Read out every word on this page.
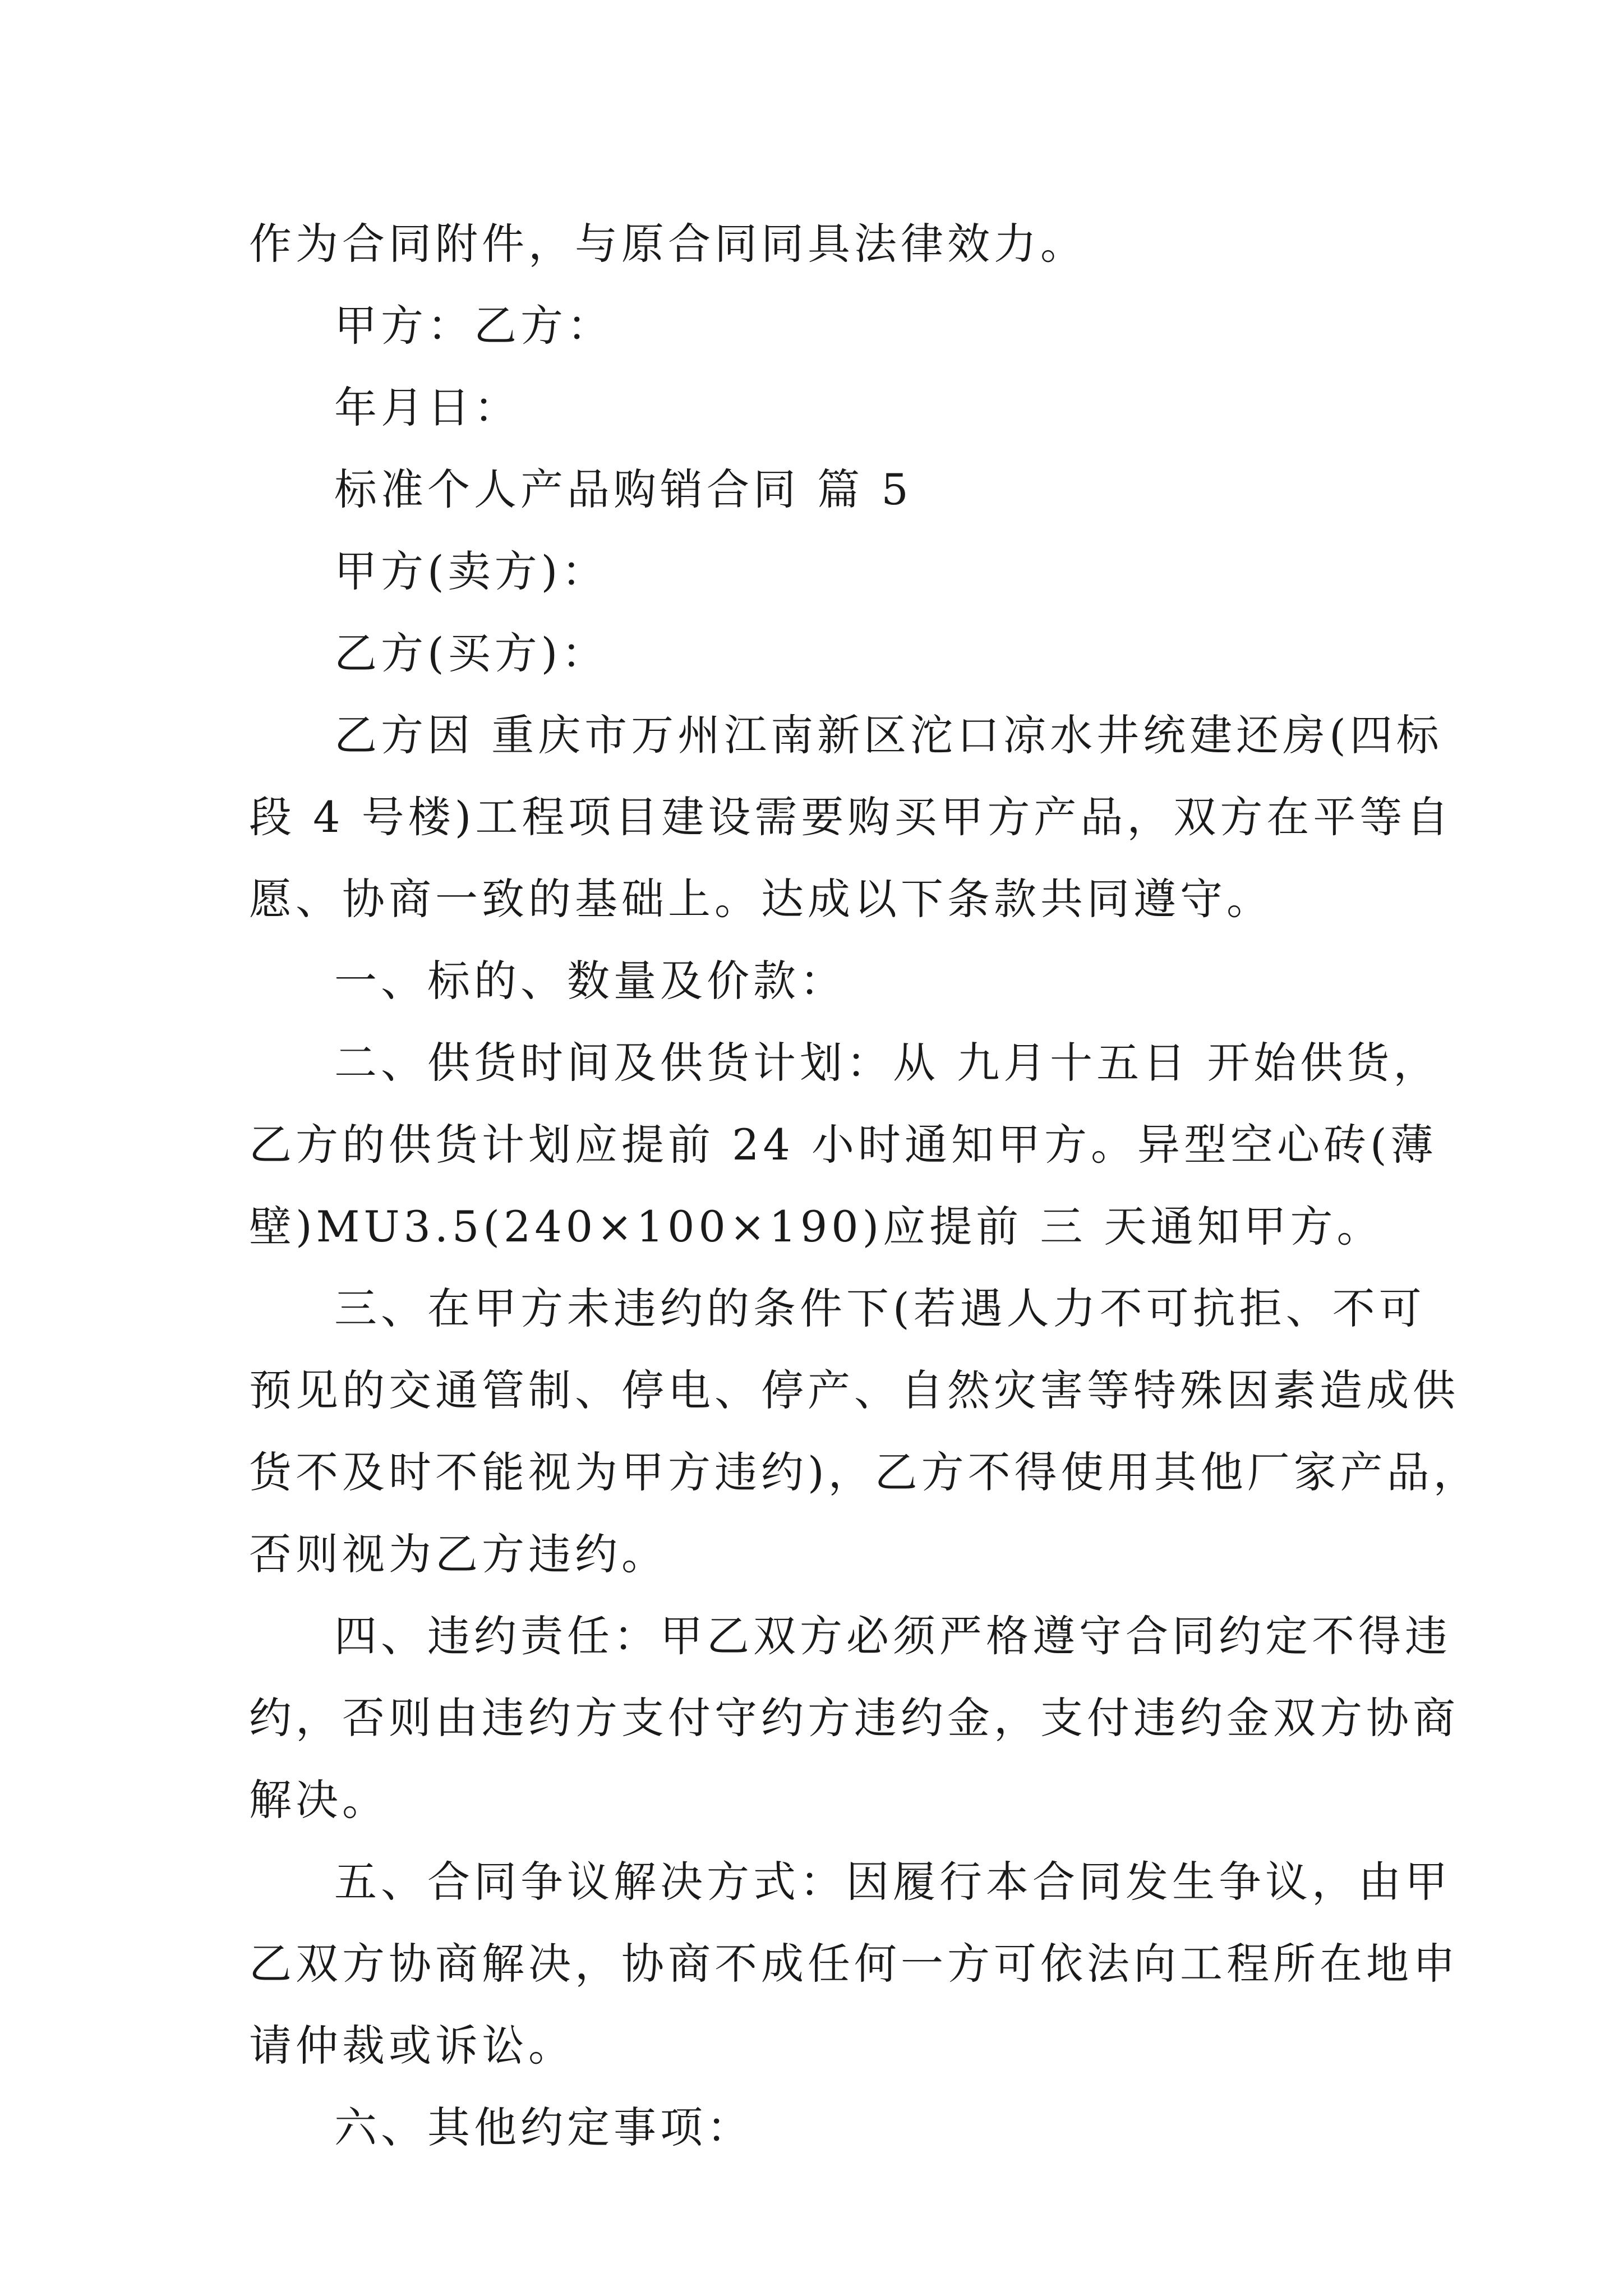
作为合同附件，与原合同同具法律效力。
甲方：乙方：
年月日：
标准个人产品购销合同 篇 5
甲方(卖方)：
乙方(买方)：
乙方因 重庆市万州江南新区沱口凉水井统建还房(四标
段 4 号楼)工程项目建设需要购买甲方产品，双方在平等自
愿、协商一致的基础上。达成以下条款共同遵守。
一、标的、数量及价款：
二、供货时间及供货计划：从 九月十五日 开始供货，
乙方的供货计划应提前 24 小时通知甲方。异型空心砖(薄
壁)MU3.5(240×100×190)应提前 三 天通知甲方。
三、在甲方未违约的条件下(若遇人力不可抗拒、不可
预见的交通管制、停电、停产、自然灾害等特殊因素造成供
货不及时不能视为甲方违约)，乙方不得使用其他厂家产品，
否则视为乙方违约。
四、违约责任：甲乙双方必须严格遵守合同约定不得违
约，否则由违约方支付守约方违约金，支付违约金双方协商
解决。
五、合同争议解决方式：因履行本合同发生争议，由甲
乙双方协商解决，协商不成任何一方可依法向工程所在地申
请仲裁或诉讼。
六、其他约定事项：
